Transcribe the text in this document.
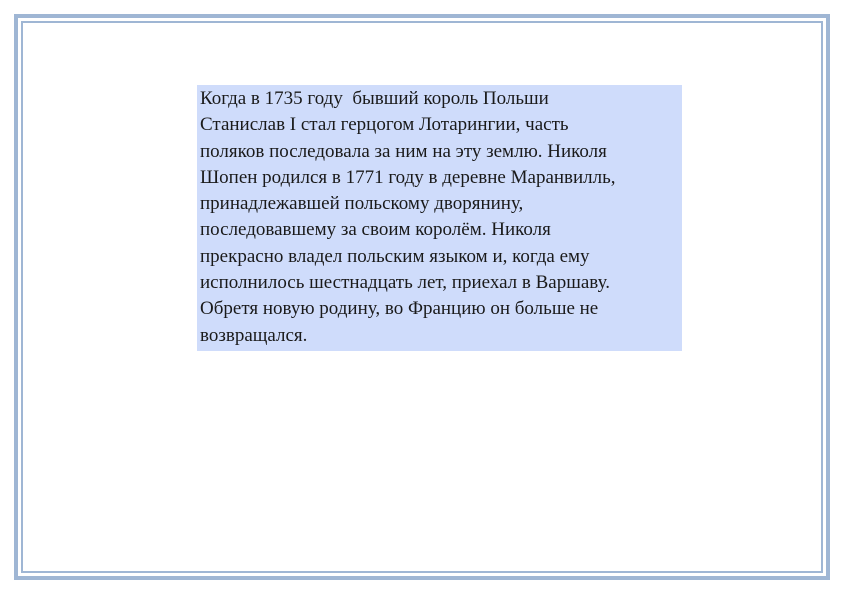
Когда в 1735 году  бывший король Польши
Станислав I стал герцогом Лотарингии, часть
поляков последовала за ним на эту землю. Николя
Шопен родился в 1771 году в деревне Маранвилль,
принадлежавшей польскому дворянину,
последовавшему за своим королём. Николя
прекрасно владел польским языком и, когда ему
исполнилось шестнадцать лет, приехал в Варшаву.
Обретя новую родину, во Францию он больше не
возвращался.
